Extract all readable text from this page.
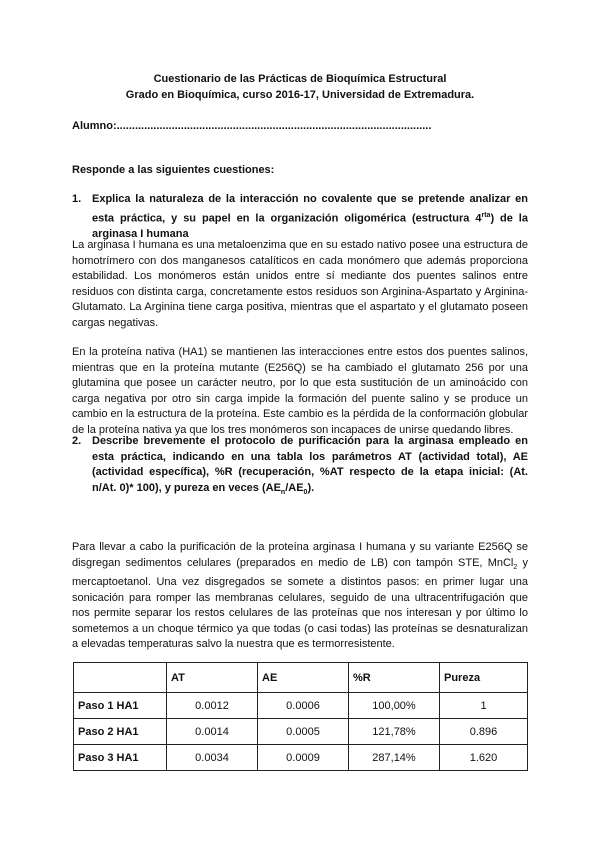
Cuestionario de las Prácticas de Bioquímica Estructural
Grado en Bioquímica, curso 2016-17, Universidad de Extremadura.
Alumno:.......................................................................................................
Responde a las siguientes cuestiones:
1. Explica la naturaleza de la interacción no covalente que se pretende analizar en esta práctica, y su papel en la organización oligomérica (estructura $4^{rta}$) de la arginasa I humana
La arginasa I humana es una metaloenzima que en su estado nativo posee una estructura de homotrímero con dos manganesos catalíticos en cada monómero que además proporciona estabilidad. Los monómeros están unidos entre sí mediante dos puentes salinos entre residuos con distinta carga, concretamente estos residuos son Arginina-Aspartato y Arginina-Glutamato. La Arginina tiene carga positiva, mientras que el aspartato y el glutamato poseen cargas negativas.
En la proteína nativa (HA1) se mantienen las interacciones entre estos dos puentes salinos, mientras que en la proteína mutante (E256Q) se ha cambiado el glutamato 256 por una glutamina que posee un carácter neutro, por lo que esta sustitución de un aminoácido con carga negativa por otro sin carga impide la formación del puente salino y se produce un cambio en la estructura de la proteína. Este cambio es la pérdida de la conformación globular de la proteína nativa ya que los tres monómeros son incapaces de unirse quedando libres.
2. Describe brevemente el protocolo de purificación para la arginasa empleado en esta práctica, indicando en una tabla los parámetros AT (actividad total), AE (actividad específica), %R (recuperación, %AT respecto de la etapa inicial: (At. n/At. 0)* 100), y pureza en veces $(AE_n/AE_0)$.
Para llevar a cabo la purificación de la proteína arginasa I humana y su variante E256Q se disgregan sedimentos celulares (preparados en medio de LB) con tampón STE, MnCl$_2$ y mercaptoetanol. Una vez disgregados se somete a distintos pasos: en primer lugar una sonicación para romper las membranas celulares, seguido de una ultracentrifugación que nos permite separar los restos celulares de las proteínas que nos interesan y por último lo sometemos a un choque térmico ya que todas (o casi todas) las proteínas se desnaturalizan a elevadas temperaturas salvo la nuestra que es termorresistente.
	AT	AE	%R	Pureza
Paso 1 HA1	0.0012	0.0006	100,00%	1
Paso 2 HA1	0.0014	0.0005	121,78%	0.896
Paso 3 HA1	0.0034	0.0009	287,14%	1.620
